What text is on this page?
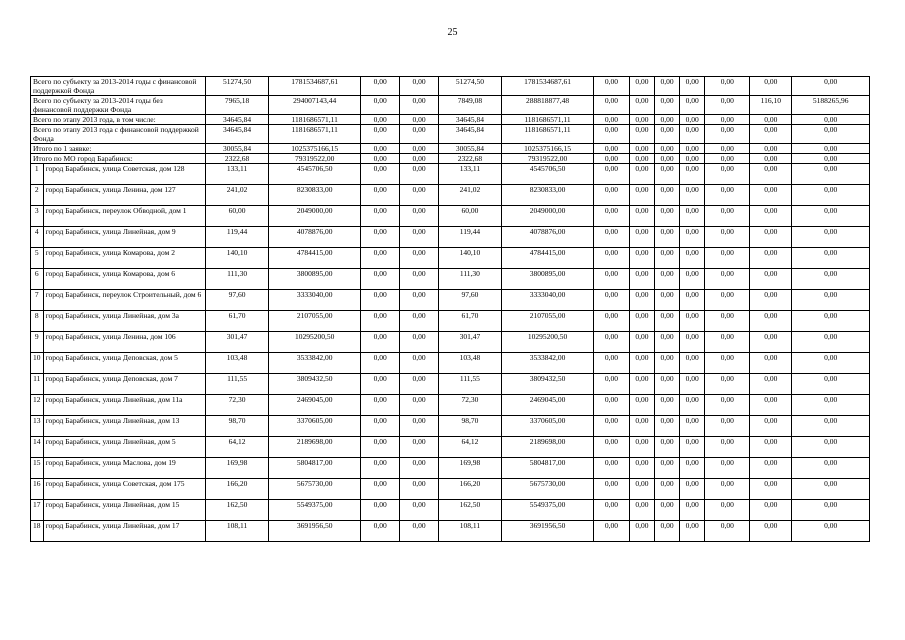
25
Всего по субъекту за 2013-2014 годы с финансовой поддержкой Фонда		51274,50	1781534687,61	0,00	0,00	51274,50	1781534687,61	0,00	0,00	0,00	0,00	0,00	0,00	0,00
Всего по субъекту за 2013-2014 годы без финансовой поддержки Фонда		7965,18	294007143,44	0,00	0,00	7849,08	288818877,48	0,00	0,00	0,00	0,00	0,00	116,10	5188265,96
Всего по этапу 2013 года, в том числе:		34645,84	1181686571,11	0,00	0,00	34645,84	1181686571,11	0,00	0,00	0,00	0,00	0,00	0,00	0,00
Всего по этапу 2013 года с финансовой поддержкой Фонда		34645,84	1181686571,11	0,00	0,00	34645,84	1181686571,11	0,00	0,00	0,00	0,00	0,00	0,00	0,00
Итого по 1 заявке:		30055,84	1025375166,15	0,00	0,00	30055,84	1025375166,15	0,00	0,00	0,00	0,00	0,00	0,00	0,00
Итого по МО город Барабинск:		2322,68	79319522,00	0,00	0,00	2322,68	79319522,00	0,00	0,00	0,00	0,00	0,00	0,00	0,00
1	город Барабинск, улица Советская, дом 128	133,11	4545706,50	0,00	0,00	133,11	4545706,50	0,00	0,00	0,00	0,00	0,00	0,00	0,00
2	город Барабинск, улица Ленина, дом 127	241,02	8230833,00	0,00	0,00	241,02	8230833,00	0,00	0,00	0,00	0,00	0,00	0,00	0,00
3	город Барабинск, переулок Обводной, дом 1	60,00	2049000,00	0,00	0,00	60,00	2049000,00	0,00	0,00	0,00	0,00	0,00	0,00	0,00
4	город Барабинск, улица Линейная, дом 9	119,44	4078876,00	0,00	0,00	119,44	4078876,00	0,00	0,00	0,00	0,00	0,00	0,00	0,00
5	город Барабинск, улица Комарова, дом 2	140,10	4784415,00	0,00	0,00	140,10	4784415,00	0,00	0,00	0,00	0,00	0,00	0,00	0,00
6	город Барабинск, улица Комарова, дом 6	111,30	3800895,00	0,00	0,00	111,30	3800895,00	0,00	0,00	0,00	0,00	0,00	0,00	0,00
7	город Барабинск, переулок Строительный, дом 6	97,60	3333040,00	0,00	0,00	97,60	3333040,00	0,00	0,00	0,00	0,00	0,00	0,00	0,00
8	город Барабинск, улица Линейная, дом 3а	61,70	2107055,00	0,00	0,00	61,70	2107055,00	0,00	0,00	0,00	0,00	0,00	0,00	0,00
9	город Барабинск, улица Ленина, дом 106	301,47	10295200,50	0,00	0,00	301,47	10295200,50	0,00	0,00	0,00	0,00	0,00	0,00	0,00
10	город Барабинск, улица Деповская, дом 5	103,48	3533842,00	0,00	0,00	103,48	3533842,00	0,00	0,00	0,00	0,00	0,00	0,00	0,00
11	город Барабинск, улица Деповская, дом 7	111,55	3809432,50	0,00	0,00	111,55	3809432,50	0,00	0,00	0,00	0,00	0,00	0,00	0,00
12	город Барабинск, улица Линейная, дом 11а	72,30	2469045,00	0,00	0,00	72,30	2469045,00	0,00	0,00	0,00	0,00	0,00	0,00	0,00
13	город Барабинск, улица Линейная, дом 13	98,70	3370605,00	0,00	0,00	98,70	3370605,00	0,00	0,00	0,00	0,00	0,00	0,00	0,00
14	город Барабинск, улица Линейная, дом 5	64,12	2189698,00	0,00	0,00	64,12	2189698,00	0,00	0,00	0,00	0,00	0,00	0,00	0,00
15	город Барабинск, улица Маслова, дом 19	169,98	5804817,00	0,00	0,00	169,98	5804817,00	0,00	0,00	0,00	0,00	0,00	0,00	0,00
16	город Барабинск, улица Советская, дом 175	166,20	5675730,00	0,00	0,00	166,20	5675730,00	0,00	0,00	0,00	0,00	0,00	0,00	0,00
17	город Барабинск, улица Линейная, дом 15	162,50	5549375,00	0,00	0,00	162,50	5549375,00	0,00	0,00	0,00	0,00	0,00	0,00	0,00
18	город Барабинск, улица Линейная, дом 17	108,11	3691956,50	0,00	0,00	108,11	3691956,50	0,00	0,00	0,00	0,00	0,00	0,00	0,00
